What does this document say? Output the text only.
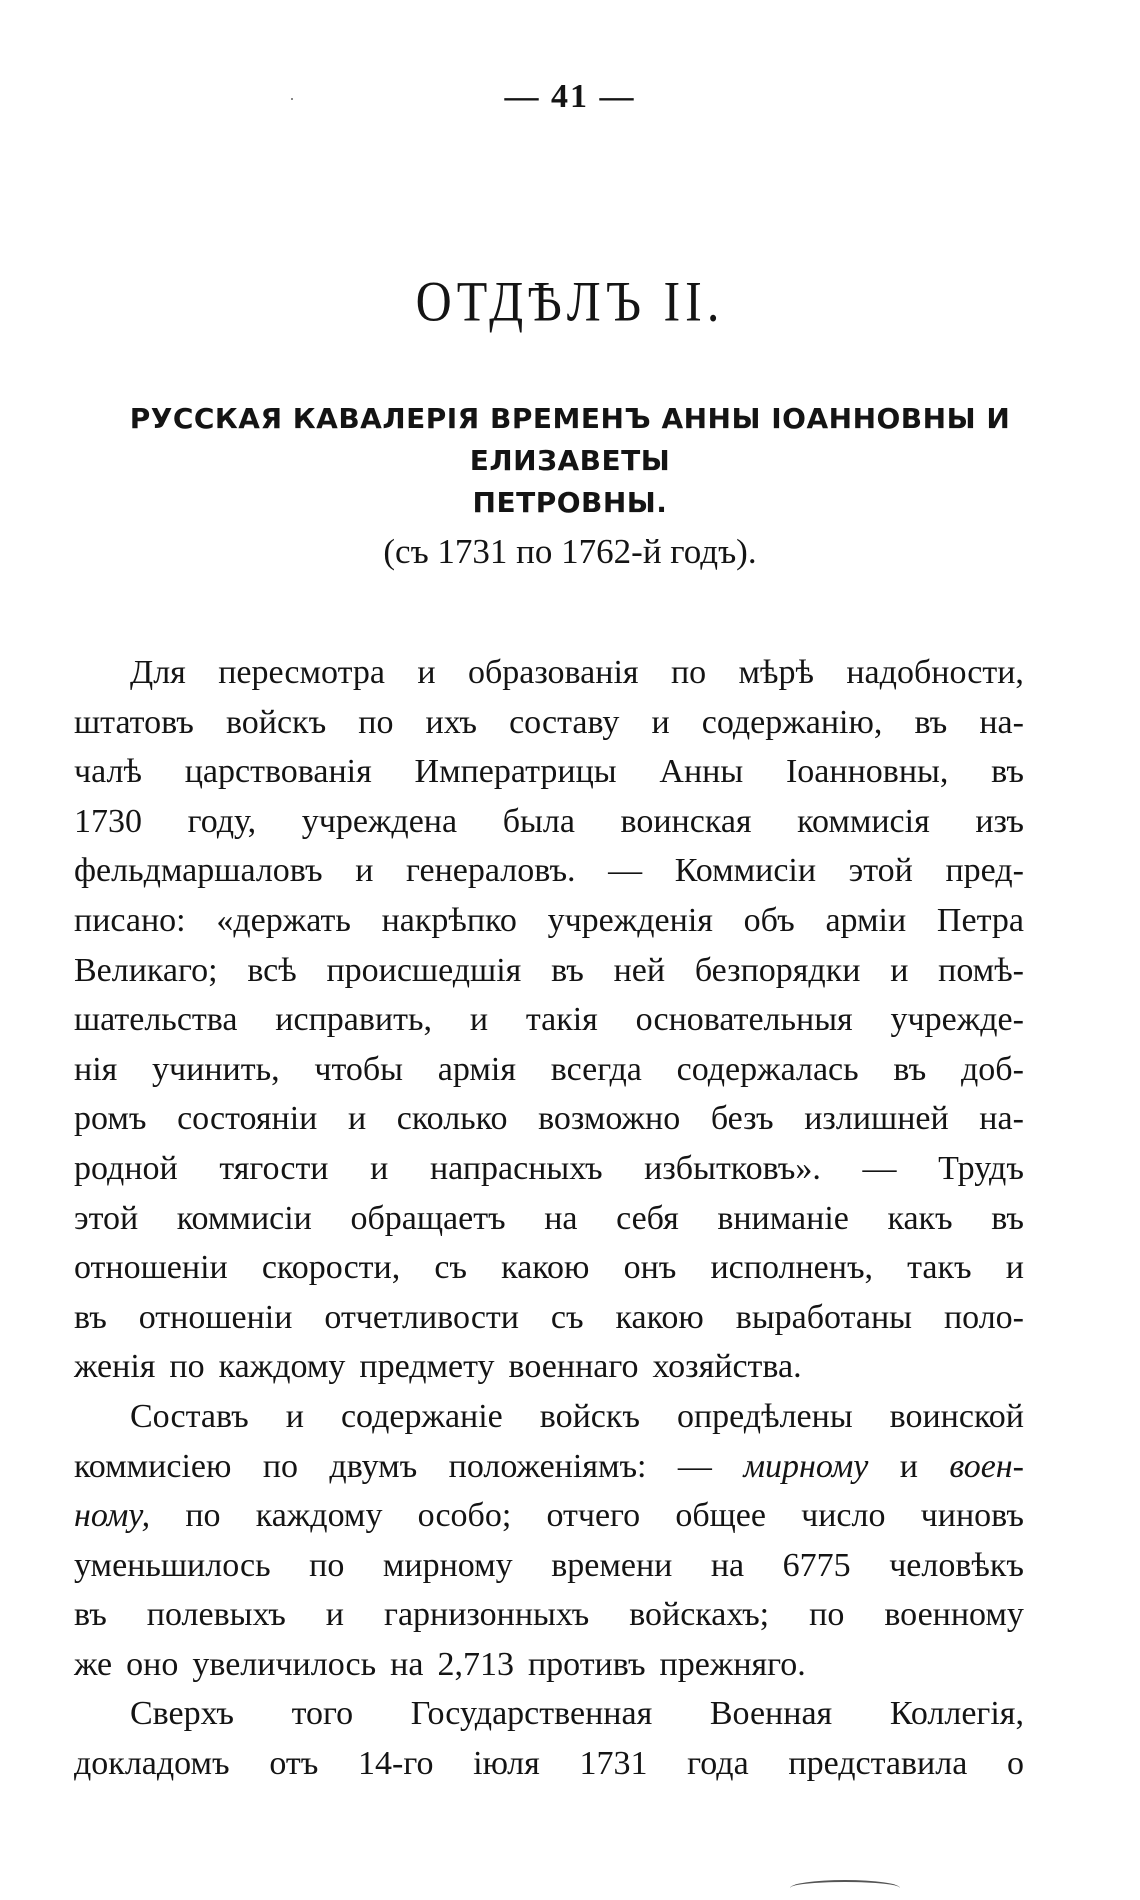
— 41 —
ОТДѢЛЪ II.
РУССКАЯ КАВАЛЕРІЯ ВРЕМЕНЪ АННЫ ІОАННОВНЫ И ЕЛИЗАВЕТЫ
ПЕТРОВНЫ.
(съ 1731 по 1762-й годъ).
Для пересмотра и образованія по мѣрѣ надобности,
штатовъ войскъ по ихъ составу и содержанію, въ на-
чалѣ царствованія Императрицы Анны Іоанновны, въ
1730 году, учреждена была воинская коммисія изъ
фельдмаршаловъ и генераловъ. — Коммисіи этой пред-
писано: «держать накрѣпко учрежденія объ арміи Петра
Великаго; всѣ происшедшія въ ней безпорядки и помѣ-
шательства исправить, и такія основательныя учрежде-
нія учинить, чтобы армія всегда содержалась въ доб-
ромъ состояніи и сколько возможно безъ излишней на-
родной тягости и напрасныхъ избытковъ». — Трудъ
этой коммисіи обращаетъ на себя вниманіе какъ въ
отношеніи скорости, съ какою онъ исполненъ, такъ и
въ отношеніи отчетливости съ какою выработаны поло-
женія по каждому предмету военнаго хозяйства.
Составъ и содержаніе войскъ опредѣлены воинской
коммисіею по двумъ положеніямъ: — мирному и воен-
ному, по каждому особо; отчего общее число чиновъ
уменьшилось по мирному времени на 6775 человѣкъ
въ полевыхъ и гарнизонныхъ войскахъ; по военному
же оно увеличилось на 2,713 противъ прежняго.
Сверхъ того Государственная Военная Коллегія,
докладомъ отъ 14-го іюля 1731 года представила о
